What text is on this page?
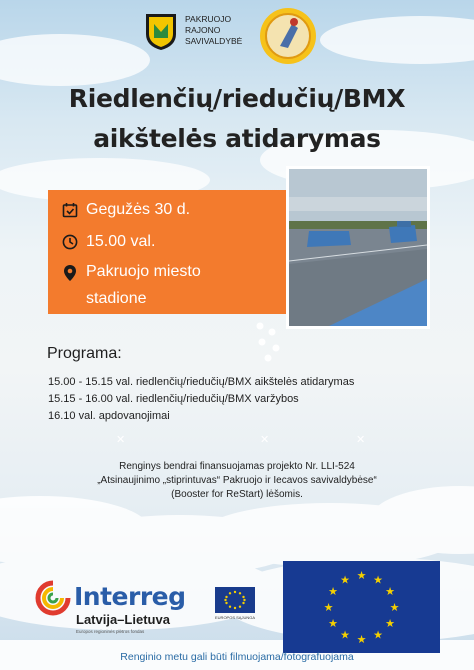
PAKRUOJO
RAJONO
SAVIVALDYBĖ
Riedlenčių/riedučių/BMX
aikštelės atidarymas
Gegužės 30 d.
15.00 val.
Pakruojo miesto
stadione
Programa:
15.00 - 15.15 val. riedlenčių/riedučių/BMX aikštelės atidarymas
15.15 - 16.00 val. riedlenčių/riedučių/BMX varžybos
16.10 val. apdovanojimai
✕	✕	✕
Renginys bendrai finansuojamas projekto Nr. LLI-524
„Atsinaujinimo „stiprintuvas“ Pakruojo ir Iecavos savivaldybėse“
(Booster for ReStart) lėšomis.
Interreg
Latvija–Lietuva
Europos regioninės plėtros fondas
EUROPOS SĄJUNGA
★ ★
★
★
★
★
★
★
★
★
★
★
Renginio metu gali būti filmuojama/fotografuojama
